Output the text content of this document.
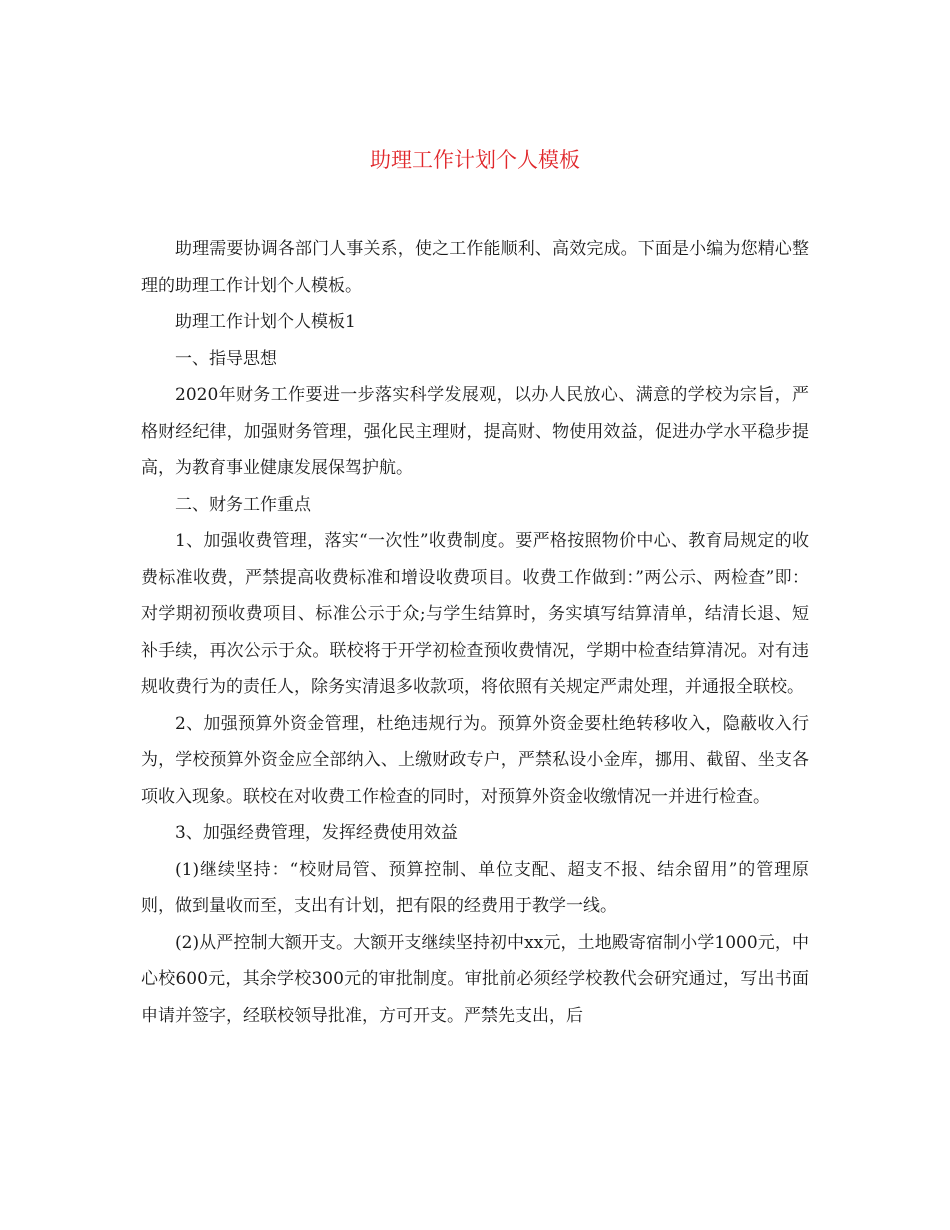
助理工作计划个人模板

助理需要协调各部门人事关系，使之工作能顺利、高效完成。下面是小编为您精心整理的助理工作计划个人模板。

助理工作计划个人模板1

一、指导思想

2020年财务工作要进一步落实科学发展观，以办人民放心、满意的学校为宗旨，严格财经纪律，加强财务管理，强化民主理财，提高财、物使用效益，促进办学水平稳步提高，为教育事业健康发展保驾护航。

二、财务工作重点

1、加强收费管理，落实“一次性”收费制度。要严格按照物价中心、教育局规定的收费标准收费，严禁提高收费标准和增设收费项目。收费工作做到：”两公示、两检查”即：对学期初预收费项目、标准公示于众;与学生结算时，务实填写结算清单，结清长退、短补手续，再次公示于众。联校将于开学初检查预收费情况，学期中检查结算清况。对有违规收费行为的责任人，除务实清退多收款项，将依照有关规定严肃处理，并通报全联校。

2、加强预算外资金管理，杜绝违规行为。预算外资金要杜绝转移收入，隐蔽收入行为，学校预算外资金应全部纳入、上缴财政专户，严禁私设小金库，挪用、截留、坐支各项收入现象。联校在对收费工作检查的同时，对预算外资金收缴情况一并进行检查。

3、加强经费管理，发挥经费使用效益

(1)继续坚持：“校财局管、预算控制、单位支配、超支不报、结余留用”的管理原则，做到量收而至，支出有计划，把有限的经费用于教学一线。

(2)从严控制大额开支。大额开支继续坚持初中xx元，土地殿寄宿制小学1000元，中心校600元，其余学校300元的审批制度。审批前必须经学校教代会研究通过，写出书面申请并签字，经联校领导批准，方可开支。严禁先支出，后
